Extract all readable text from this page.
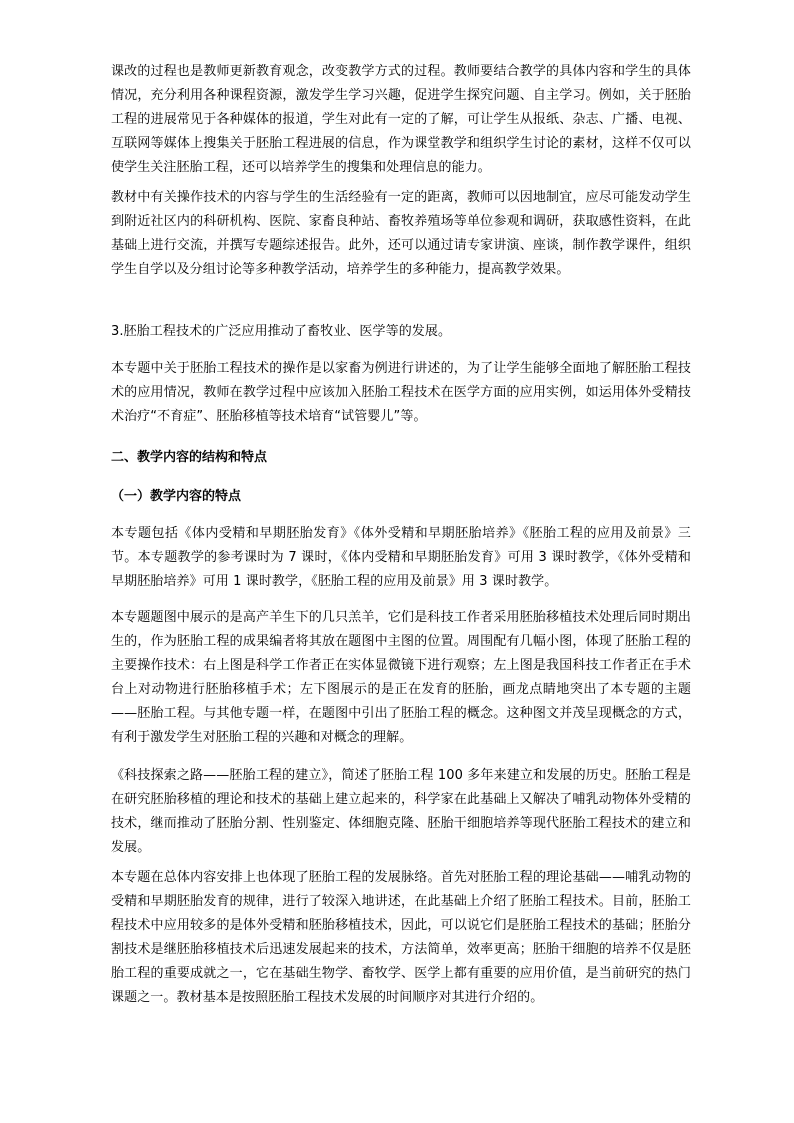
课改的过程也是教师更新教育观念，改变教学方式的过程。教师要结合教学的具体内容和学生的具体情况，充分利用各种课程资源，激发学生学习兴趣，促进学生探究问题、自主学习。例如，关于胚胎工程的进展常见于各种媒体的报道，学生对此有一定的了解，可让学生从报纸、杂志、广播、电视、互联网等媒体上搜集关于胚胎工程进展的信息，作为课堂教学和组织学生讨论的素材，这样不仅可以使学生关注胚胎工程，还可以培养学生的搜集和处理信息的能力。

教材中有关操作技术的内容与学生的生活经验有一定的距离，教师可以因地制宜，应尽可能发动学生到附近社区内的科研机构、医院、家畜良种站、畜牧养殖场等单位参观和调研，获取感性资料，在此基础上进行交流，并撰写专题综述报告。此外，还可以通过请专家讲演、座谈，制作教学课件，组织学生自学以及分组讨论等多种教学活动，培养学生的多种能力，提高教学效果。

3.胚胎工程技术的广泛应用推动了畜牧业、医学等的发展。

本专题中关于胚胎工程技术的操作是以家畜为例进行讲述的，为了让学生能够全面地了解胚胎工程技术的应用情况，教师在教学过程中应该加入胚胎工程技术在医学方面的应用实例，如运用体外受精技术治疗“不育症”、胚胎移植等技术培育“试管婴儿”等。

二、教学内容的结构和特点
（一）教学内容的特点

本专题包括《体内受精和早期胚胎发育》《体外受精和早期胚胎培养》《胚胎工程的应用及前景》三节。本专题教学的参考课时为 7 课时，《体内受精和早期胚胎发育》可用 3 课时教学，《体外受精和早期胚胎培养》可用 1 课时教学，《胚胎工程的应用及前景》用 3 课时教学。

本专题题图中展示的是高产羊生下的几只羔羊，它们是科技工作者采用胚胎移植技术处理后同时期出生的，作为胚胎工程的成果编者将其放在题图中主图的位置。周围配有几幅小图，体现了胚胎工程的主要操作技术：右上图是科学工作者正在实体显微镜下进行观察；左上图是我国科技工作者正在手术台上对动物进行胚胎移植手术；左下图展示的是正在发育的胚胎，画龙点睛地突出了本专题的主题——胚胎工程。与其他专题一样，在题图中引出了胚胎工程的概念。这种图文并茂呈现概念的方式，有利于激发学生对胚胎工程的兴趣和对概念的理解。

《科技探索之路——胚胎工程的建立》，简述了胚胎工程 100 多年来建立和发展的历史。胚胎工程是在研究胚胎移植的理论和技术的基础上建立起来的，科学家在此基础上又解决了哺乳动物体外受精的技术，继而推动了胚胎分割、性别鉴定、体细胞克隆、胚胎干细胞培养等现代胚胎工程技术的建立和发展。

本专题在总体内容安排上也体现了胚胎工程的发展脉络。首先对胚胎工程的理论基础——哺乳动物的受精和早期胚胎发育的规律，进行了较深入地讲述，在此基础上介绍了胚胎工程技术。目前，胚胎工程技术中应用较多的是体外受精和胚胎移植技术，因此，可以说它们是胚胎工程技术的基础；胚胎分割技术是继胚胎移植技术后迅速发展起来的技术，方法简单，效率更高；胚胎干细胞的培养不仅是胚胎工程的重要成就之一，它在基础生物学、畜牧学、医学上都有重要的应用价值，是当前研究的热门课题之一。教材基本是按照胚胎工程技术发展的时间顺序对其进行介绍的。
